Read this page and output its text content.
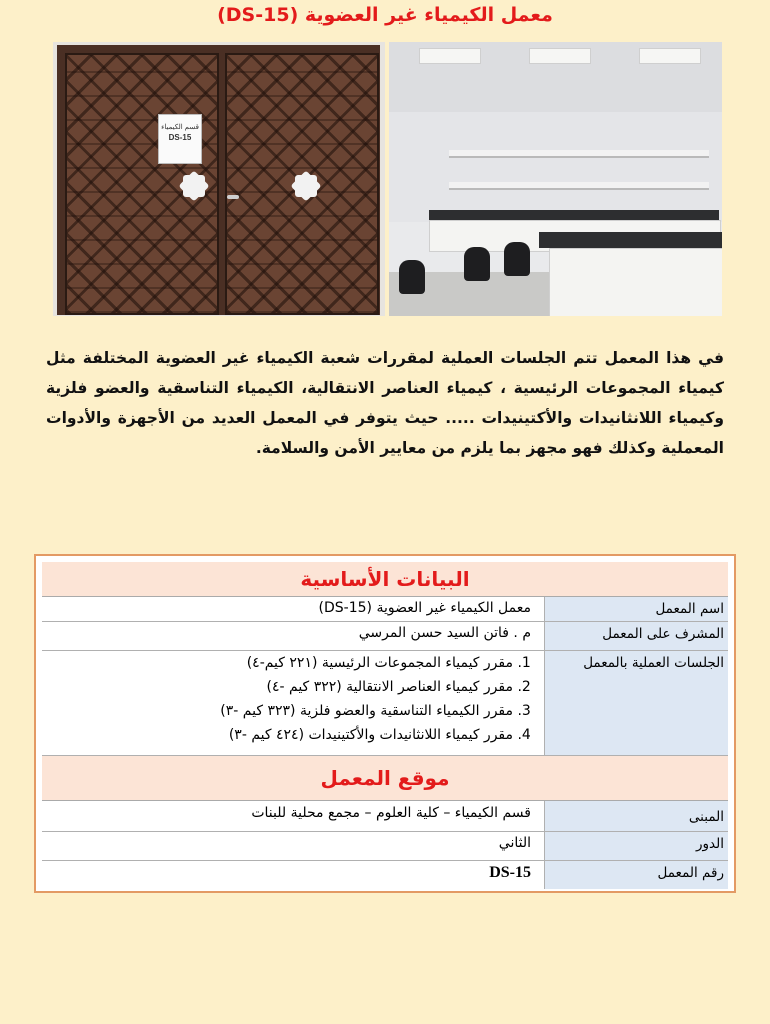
معمل الكيمياء غير العضوية (DS-15)
قسم الكيمياء
DS-15

في هذا المعمل تتم الجلسات العملية لمقررات شعبة الكيمياء غير العضوية المختلفة مثل كيمياء المجموعات الرئيسية ، كيمياء العناصر الانتقالية، الكيمياء التناسقية والعضو فلزية وكيمياء اللانثانيدات والأكتينيدات ..... حيث يتوفر في المعمل العديد من الأجهزة والأدوات المعملية وكذلك فهو مجهز بما يلزم من معايير الأمن والسلامة.

البيانات الأساسية
اسم المعمل
معمل الكيمياء غير العضوية (DS-15)
المشرف على المعمل
م . فاتن السيد حسن المرسي
الجلسات العملية بالمعمل
1. مقرر كيمياء المجموعات الرئيسية (٢٢١ كيم-٤)
2. مقرر كيمياء العناصر الانتقالية (٣٢٢ كيم -٤)
3. مقرر الكيمياء التناسقية والعضو فلزية (٣٢٣ كيم -٣)
4. مقرر كيمياء اللانثانيدات والأكتينيدات (٤٢٤ كيم -٣)
موقع المعمل
المبنى
قسم الكيمياء – كلية العلوم – مجمع محلية للبنات
الدور
الثاني
رقم المعمل
DS-15
